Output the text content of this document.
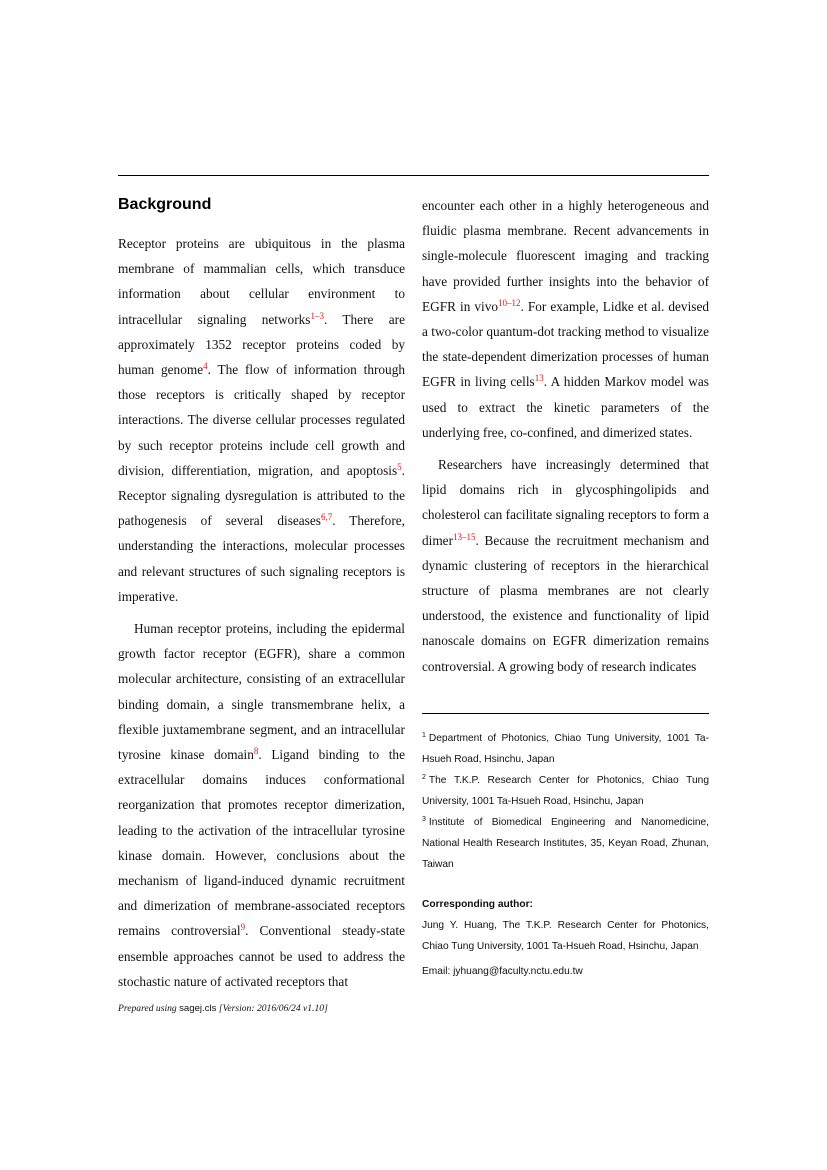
Background

Receptor proteins are ubiquitous in the plasma membrane of mammalian cells, which transduce information about cellular environment to intracellular signaling networks$^{1-3}$. There are approximately 1352 receptor proteins coded by human genome$^4$. The flow of information through those receptors is critically shaped by receptor interactions. The diverse cellular processes regulated by such receptor proteins include cell growth and division, differentiation, migration, and apoptosis$^5$. Receptor signaling dysregulation is attributed to the pathogenesis of several diseases$^{6,7}$. Therefore, understanding the interactions, molecular processes and relevant structures of such signaling receptors is imperative.

Human receptor proteins, including the epidermal growth factor receptor (EGFR), share a common molecular architecture, consisting of an extracellular binding domain, a single transmembrane helix, a flexible juxtamembrane segment, and an intracellular tyrosine kinase domain$^8$. Ligand binding to the extracellular domains induces conformational reorganization that promotes receptor dimerization, leading to the activation of the intracellular tyrosine kinase domain. However, conclusions about the mechanism of ligand-induced dynamic recruitment and dimerization of membrane-associated receptors remains controversial$^9$. Conventional steady-state ensemble approaches cannot be used to address the stochastic nature of activated receptors that

encounter each other in a highly heterogeneous and fluidic plasma membrane. Recent advancements in single-molecule fluorescent imaging and tracking have provided further insights into the behavior of EGFR in vivo$^{10-12}$. For example, Lidke et al. devised a two-color quantum-dot tracking method to visualize the state-dependent dimerization processes of human EGFR in living cells$^{13}$. A hidden Markov model was used to extract the kinetic parameters of the underlying free, co-confined, and dimerized states.

Researchers have increasingly determined that lipid domains rich in glycosphingolipids and cholesterol can facilitate signaling receptors to form a dimer$^{13-15}$. Because the recruitment mechanism and dynamic clustering of receptors in the hierarchical structure of plasma membranes are not clearly understood, the existence and functionality of lipid nanoscale domains on EGFR dimerization remains controversial. A growing body of research indicates

$^1$ Department of Photonics, Chiao Tung University, 1001 Ta-Hsueh Road, Hsinchu, Japan

$^2$ The T.K.P. Research Center for Photonics, Chiao Tung University, 1001 Ta-Hsueh Road, Hsinchu, Japan

$^3$ Institute of Biomedical Engineering and Nanomedicine, National Health Research Institutes, 35, Keyan Road, Zhunan, Taiwan

Corresponding author:

Jung Y. Huang, The T.K.P. Research Center for Photonics, Chiao Tung University, 1001 Ta-Hsueh Road, Hsinchu, Japan

Email: jyhuang@faculty.nctu.edu.tw

Prepared using sagej.cls [Version: 2016/06/24 v1.10]
